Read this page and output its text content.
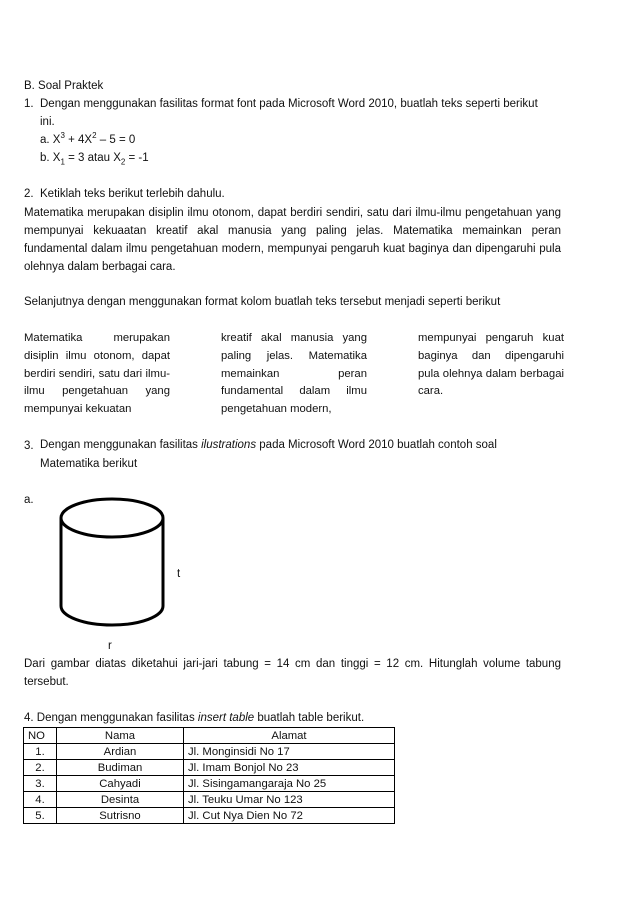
B. Soal Praktek
1. Dengan menggunakan fasilitas format font pada Microsoft Word 2010, buatlah teks seperti berikut
ini.
a. $X^3 + 4X^2 - 5 = 0$
b. $X_1 = 3$ atau $X_2 = -1$
2. Ketiklah teks berikut terlebih dahulu.
Matematika merupakan disiplin ilmu otonom, dapat berdiri sendiri, satu dari ilmu-ilmu pengetahuan yang mempunyai kekuaatan kreatif akal manusia yang paling jelas. Matematika memainkan peran fundamental dalam ilmu pengetahuan modern, mempunyai pengaruh kuat baginya dan dipengaruhi pula olehnya dalam berbagai cara.
Selanjutnya dengan menggunakan format kolom buatlah teks tersebut menjadi seperti berikut
Matematika merupakan disiplin ilmu otonom, dapat berdiri sendiri, satu dari ilmu-ilmu pengetahuan yang mempunyai kekuatan
kreatif akal manusia yang paling jelas. Matematika memainkan peran fundamental dalam ilmu pengetahuan modern,
mempunyai pengaruh kuat baginya dan dipengaruhi pula olehnya dalam berbagai cara.
3. Dengan menggunakan fasilitas ilustrations pada Microsoft Word 2010 buatlah contoh soal
Matematika berikut
a.
t
r
Dari gambar diatas diketahui jari-jari tabung = 14 cm dan tinggi = 12 cm. Hitunglah volume tabung tersebut.
4. Dengan menggunakan fasilitas insert table buatlah table berikut.
NO	Nama	Alamat
1.	Ardian	Jl. Monginsidi No 17
2.	Budiman	Jl. Imam Bonjol No 23
3.	Cahyadi	Jl. Sisingamangaraja No 25
4.	Desinta	Jl. Teuku Umar No 123
5.	Sutrisno	Jl. Cut Nya Dien No 72
